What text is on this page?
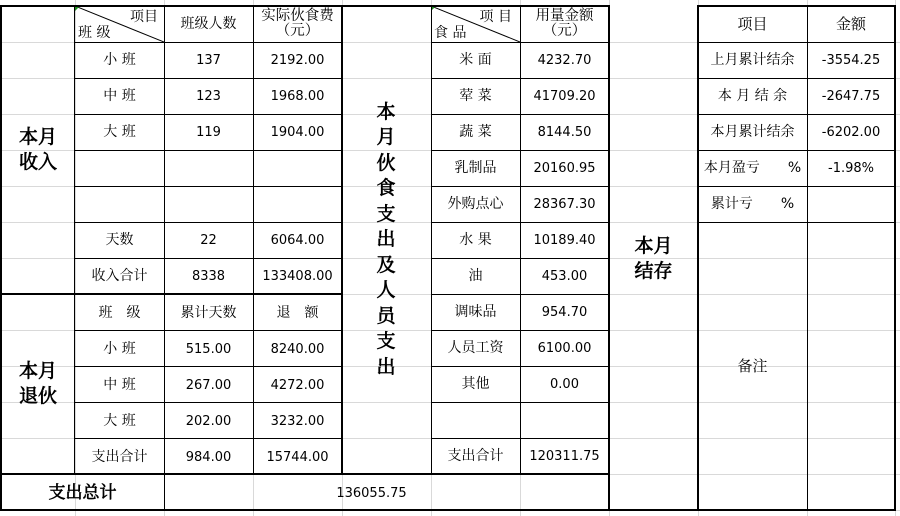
本月收入
项目
班 级
班级人数	实际伙食费（元）
小 班	137	2192.00
中 班	123	1968.00
大 班	119	1904.00
天数	22	6064.00
收入合计	8338	133408.00
本月退伙
班　级	累计天数	退　额
小 班	515.00	8240.00
中 班	267.00	4272.00
大 班	202.00	3232.00
支出合计	984.00	15744.00
支出总计	136055.75
本月伙食支出及人员支出
项 目
食 品
用量金额（元）
米 面	4232.70
荤 菜	41709.20
蔬 菜	8144.50
乳制品	20160.95
外购点心	28367.30
水 果	10189.40
油	453.00
调味品	954.70
人员工资	6100.00
其他	0.00
支出合计	120311.75
本月结存
项目	金额
上月累计结余	-3554.25
本 月 结 余	-2647.75
本月累计结余	-6202.00
本月盈亏　　%	-1.98%
累计亏　　%
备注
